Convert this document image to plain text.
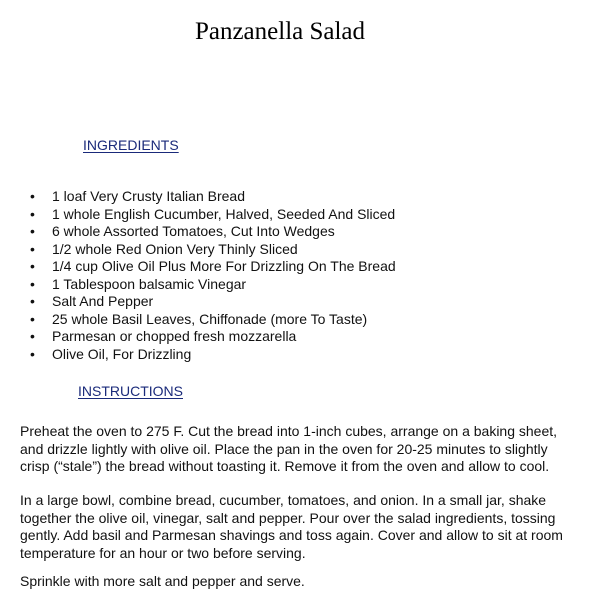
Panzanella Salad
INGREDIENTS
• 1 loaf Very Crusty Italian Bread
• 1 whole English Cucumber, Halved, Seeded And Sliced
• 6 whole Assorted Tomatoes, Cut Into Wedges
• 1/2 whole Red Onion Very Thinly Sliced
• 1/4 cup Olive Oil Plus More For Drizzling On The Bread
• 1 Tablespoon balsamic Vinegar
• Salt And Pepper
• 25 whole Basil Leaves, Chiffonade (more To Taste)
• Parmesan or chopped fresh mozzarella
• Olive Oil, For Drizzling
INSTRUCTIONS

Preheat the oven to 275 F. Cut the bread into 1-inch cubes, arrange on a baking sheet, and drizzle lightly with olive oil. Place the pan in the oven for 20-25 minutes to slightly crisp (“stale”) the bread without toasting it. Remove it from the oven and allow to cool.

In a large bowl, combine bread, cucumber, tomatoes, and onion. In a small jar, shake together the olive oil, vinegar, salt and pepper. Pour over the salad ingredients, tossing gently. Add basil and Parmesan shavings and toss again. Cover and allow to sit at room temperature for an hour or two before serving.

Sprinkle with more salt and pepper and serve.
